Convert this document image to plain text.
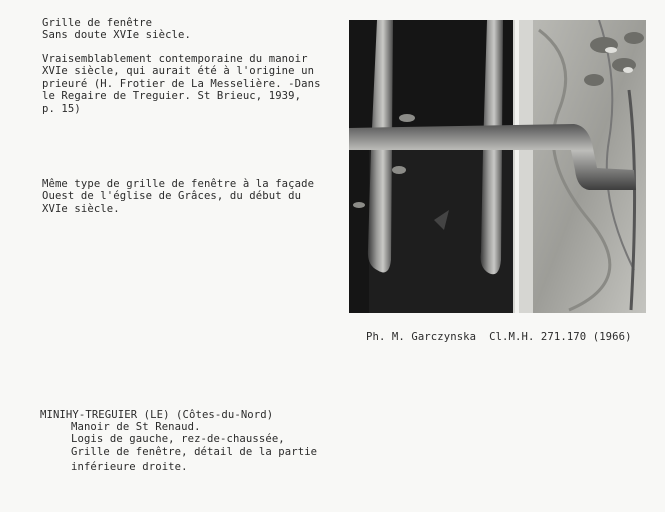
Grille de fenêtre
Sans doute XVIe siècle.
Vraisemblablement contemporaine du manoir
XVIe siècle, qui aurait été à l'origine un
prieuré (H. Frotier de La Messelière. -Dans
le Regaire de Treguier. St Brieuc, 1939,
p. 15)
Même type de grille de fenêtre à la façade
Ouest de l'église de Grâces, du début du
XVIe siècle.
Ph. M. Garczynska  Cl.M.H. 271.170 (1966)
MINIHY-TREGUIER (LE) (Côtes-du-Nord)
Manoir de St Renaud.
Logis de gauche, rez-de-chaussée,
Grille de fenêtre, détail de la partie
inférieure droite.
